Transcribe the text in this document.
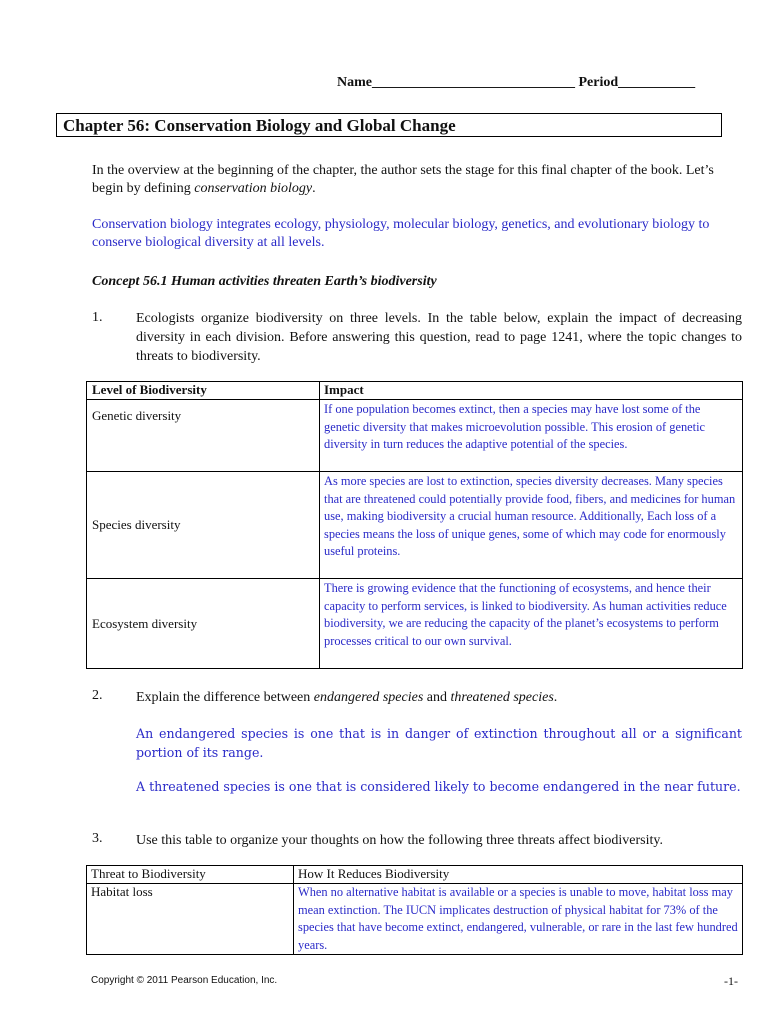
Name_____________________________ Period___________
Chapter 56: Conservation Biology and Global Change
In the overview at the beginning of the chapter, the author sets the stage for this final chapter of the book. Let’s begin by defining conservation biology.
Conservation biology integrates ecology, physiology, molecular biology, genetics, and evolutionary biology to conserve biological diversity at all levels.
Concept 56.1 Human activities threaten Earth’s biodiversity
1. Ecologists organize biodiversity on three levels. In the table below, explain the impact of decreasing diversity in each division. Before answering this question, read to page 1241, where the topic changes to threats to biodiversity.
Level of Biodiversity	Impact
Genetic diversity	If one population becomes extinct, then a species may have lost some of the genetic diversity that makes microevolution possible. This erosion of genetic diversity in turn reduces the adaptive potential of the species.
Species diversity	As more species are lost to extinction, species diversity decreases. Many species that are threatened could potentially provide food, fibers, and medicines for human use, making biodiversity a crucial human resource. Additionally, Each loss of a species means the loss of unique genes, some of which may code for enormously useful proteins.
Ecosystem diversity	There is growing evidence that the functioning of ecosystems, and hence their capacity to perform services, is linked to biodiversity. As human activities reduce biodiversity, we are reducing the capacity of the planet’s ecosystems to perform processes critical to our own survival.
2. Explain the difference between endangered species and threatened species.
An endangered species is one that is in danger of extinction throughout all or a significant portion of its range.
A threatened species is one that is considered likely to become endangered in the near future.
3. Use this table to organize your thoughts on how the following three threats affect biodiversity.
Threat to Biodiversity	How It Reduces Biodiversity
Habitat loss	When no alternative habitat is available or a species is unable to move, habitat loss may mean extinction. The IUCN implicates destruction of physical habitat for 73% of the species that have become extinct, endangered, vulnerable, or rare in the last few hundred years.
Copyright © 2011 Pearson Education, Inc.	-1-
